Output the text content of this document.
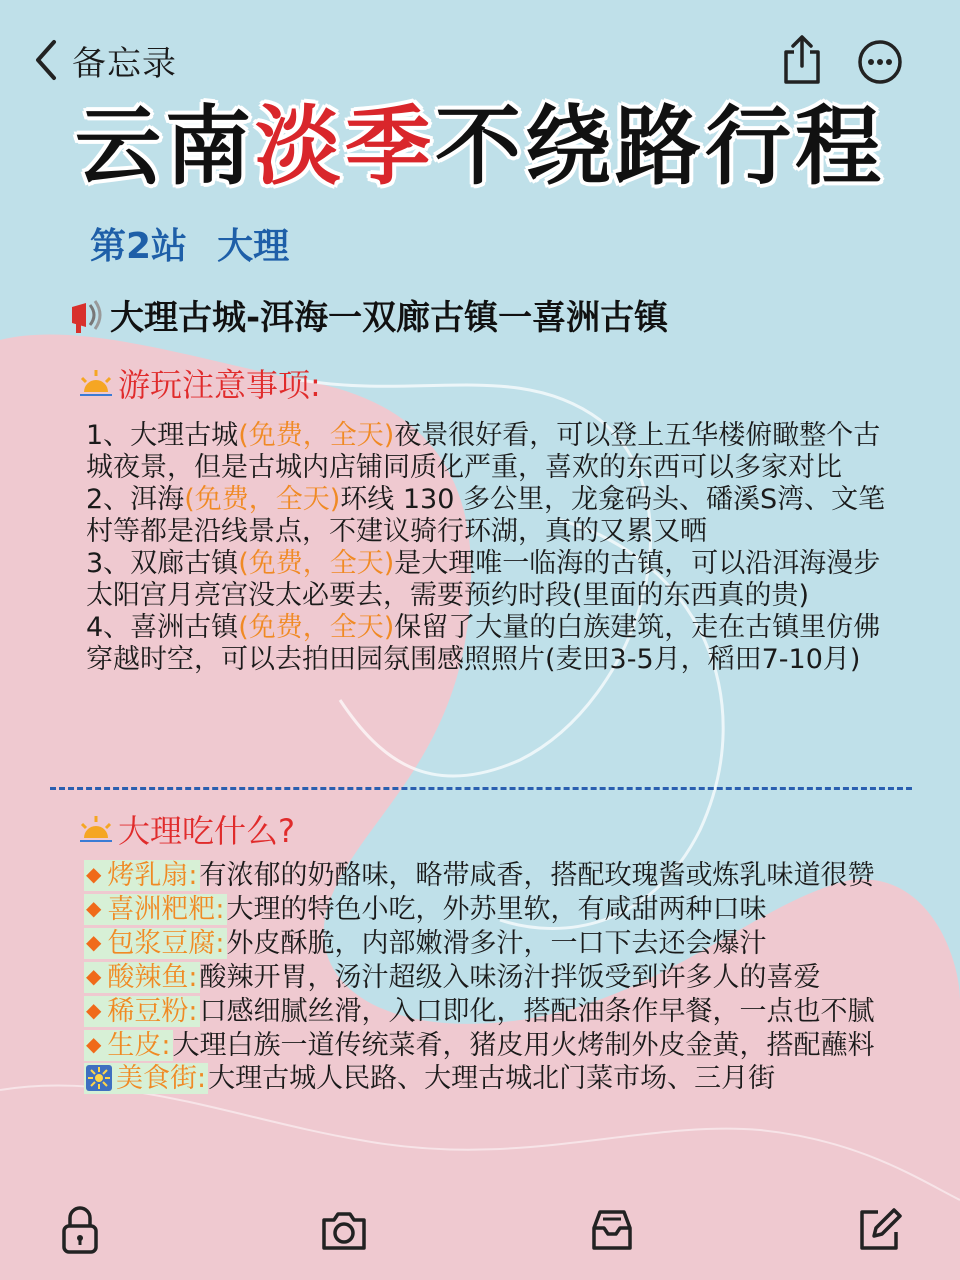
备忘录
云南淡季不绕路行程
第2站 大理
大理古城-洱海一双廊古镇一喜洲古镇
游玩注意事项:

1、大理古城(免费，全天)夜景很好看，可以登上五华楼俯瞰整个古城夜景，但是古城内店铺同质化严重，喜欢的东西可以多家对比

2、洱海(免费，全天)环线 130 多公里，龙龛码头、磻溪S湾、文笔村等都是沿线景点，不建议骑行环湖，真的又累又晒

3、双廊古镇(免费，全天)是大理唯一临海的古镇，可以沿洱海漫步太阳宫月亮宫没太必要去，需要预约时段(里面的东西真的贵)

4、喜洲古镇(免费，全天)保留了大量的白族建筑，走在古镇里仿佛穿越时空，可以去拍田园氛围感照照片(麦田3-5月，稻田7-10月)

大理吃什么?

◆ 烤乳扇:有浓郁的奶酪味，略带咸香，搭配玫瑰酱或炼乳味道很赞

◆ 喜洲粑粑:大理的特色小吃，外苏里软，有咸甜两种口味

◆ 包浆豆腐:外皮酥脆，内部嫩滑多汁，一口下去还会爆汁

◆ 酸辣鱼:酸辣开胃，汤汁超级入味汤汁拌饭受到许多人的喜爱

◆ 稀豆粉:口感细腻丝滑，入口即化，搭配油条作早餐，一点也不腻

◆ 生皮:大理白族一道传统菜肴，猪皮用火烤制外皮金黄，搭配蘸料

美食街:大理古城人民路、大理古城北门菜市场、三月街
